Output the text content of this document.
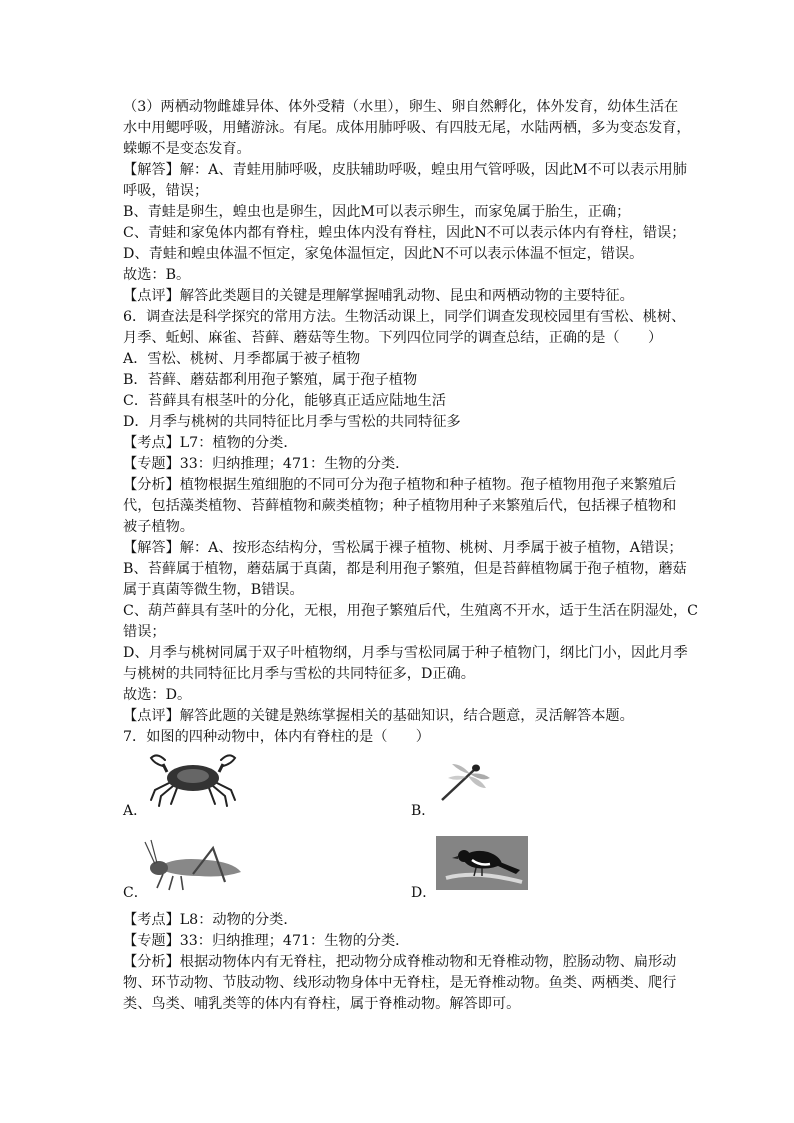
（3）两栖动物雌雄异体、体外受精（水里），卵生、卵自然孵化，体外发育，幼体生活在

水中用鳃呼吸，用鳍游泳。有尾。成体用肺呼吸、有四肢无尾，水陆两栖，多为变态发育，

蝾螈不是变态发育。

【解答】解：A、青蛙用肺呼吸，皮肤辅助呼吸，蝗虫用气管呼吸，因此M不可以表示用肺

呼吸，错误；

B、青蛙是卵生，蝗虫也是卵生，因此M可以表示卵生，而家兔属于胎生，正确；

C、青蛙和家兔体内都有脊柱，蝗虫体内没有脊柱，因此N不可以表示体内有脊柱，错误；

D、青蛙和蝗虫体温不恒定，家兔体温恒定，因此N不可以表示体温不恒定，错误。

故选：B。

【点评】解答此类题目的关键是理解掌握哺乳动物、昆虫和两栖动物的主要特征。

6．调查法是科学探究的常用方法。生物活动课上，同学们调查发现校园里有雪松、桃树、

月季、蚯蚓、麻雀、苔藓、蘑菇等生物。下列四位同学的调查总结，正确的是（　　）

A．雪松、桃树、月季都属于被子植物

B．苔藓、蘑菇都利用孢子繁殖，属于孢子植物

C．苔藓具有根茎叶的分化，能够真正适应陆地生活

D．月季与桃树的共同特征比月季与雪松的共同特征多

【考点】L7：植物的分类．

【专题】33：归纳推理；471：生物的分类．

【分析】植物根据生殖细胞的不同可分为孢子植物和种子植物。孢子植物用孢子来繁殖后

代，包括藻类植物、苔藓植物和蕨类植物；种子植物用种子来繁殖后代，包括裸子植物和

被子植物。

【解答】解：A、按形态结构分，雪松属于裸子植物、桃树、月季属于被子植物，A错误；

B、苔藓属于植物，蘑菇属于真菌，都是利用孢子繁殖，但是苔藓植物属于孢子植物，蘑菇

属于真菌等微生物，B错误。

C、葫芦藓具有茎叶的分化，无根，用孢子繁殖后代，生殖离不开水，适于生活在阴湿处，C

错误；

D、月季与桃树同属于双子叶植物纲，月季与雪松同属于种子植物门，纲比门小，因此月季

与桃树的共同特征比月季与雪松的共同特征多，D正确。

故选：D。

【点评】解答此题的关键是熟练掌握相关的基础知识，结合题意，灵活解答本题。

7．如图的四种动物中，体内有脊柱的是（　　）

A．	B．
C．	D．

【考点】L8：动物的分类．

【专题】33：归纳推理；471：生物的分类．

【分析】根据动物体内有无脊柱，把动物分成脊椎动物和无脊椎动物，腔肠动物、扁形动

物、环节动物、节肢动物、线形动物身体中无脊柱，是无脊椎动物。鱼类、两栖类、爬行

类、鸟类、哺乳类等的体内有脊柱，属于脊椎动物。解答即可。
